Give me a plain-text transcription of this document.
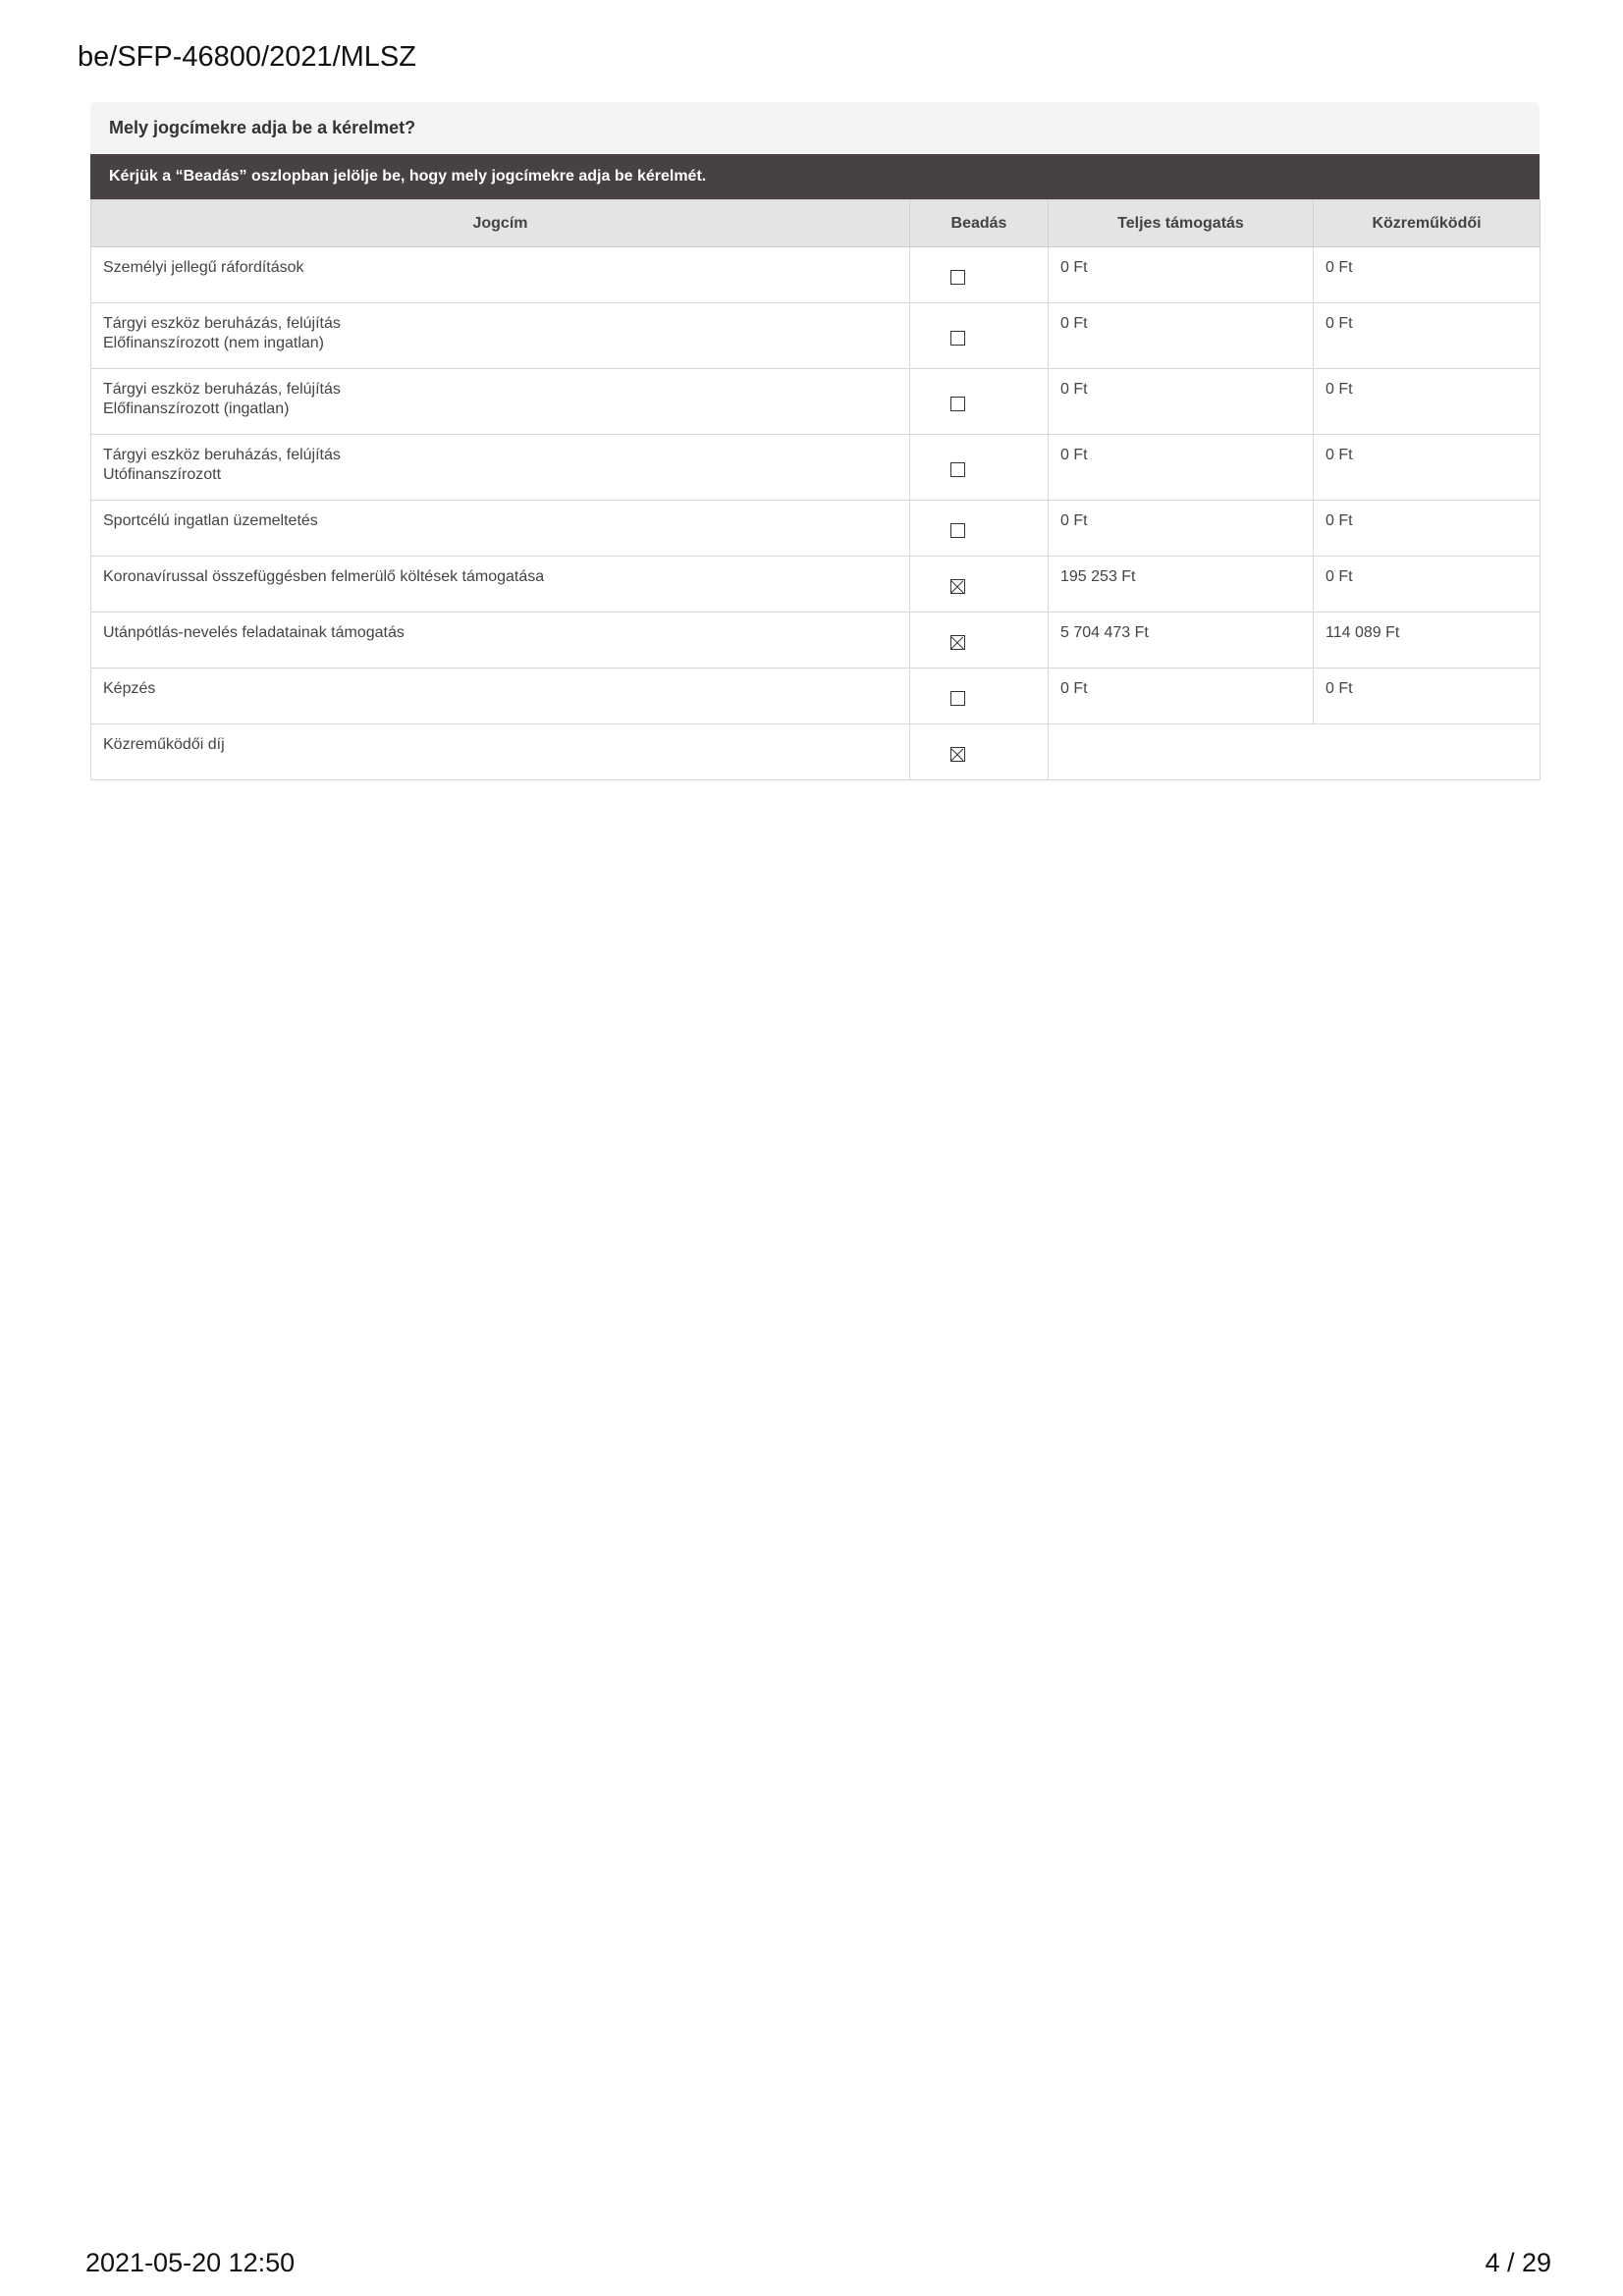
be/SFP-46800/2021/MLSZ
Mely jogcímekre adja be a kérelmet?
Kérjük a “Beadás” oszlopban jelölje be, hogy mely jogcímekre adja be kérelmét.
Jogcím	Beadás	Teljes támogatás	Közreműködői

Személyi jellegű ráfordítások		0 Ft	0 Ft

Tárgyi eszköz beruházás, felújítás
Előfinanszírozott (nem ingatlan)		0 Ft	0 Ft

Tárgyi eszköz beruházás, felújítás
Előfinanszírozott (ingatlan)		0 Ft	0 Ft

Tárgyi eszköz beruházás, felújítás
Utófinanszírozott		0 Ft	0 Ft

Sportcélú ingatlan üzemeltetés		0 Ft	0 Ft

Koronavírussal összefüggésben felmerülő költések támogatása		195 253 Ft	0 Ft

Utánpótlás-nevelés feladatainak támogatás		5 704 473 Ft	114 089 Ft

Képzés		0 Ft	0 Ft

Közreműködői díj			

2021-05-20 12:50	4 / 29
